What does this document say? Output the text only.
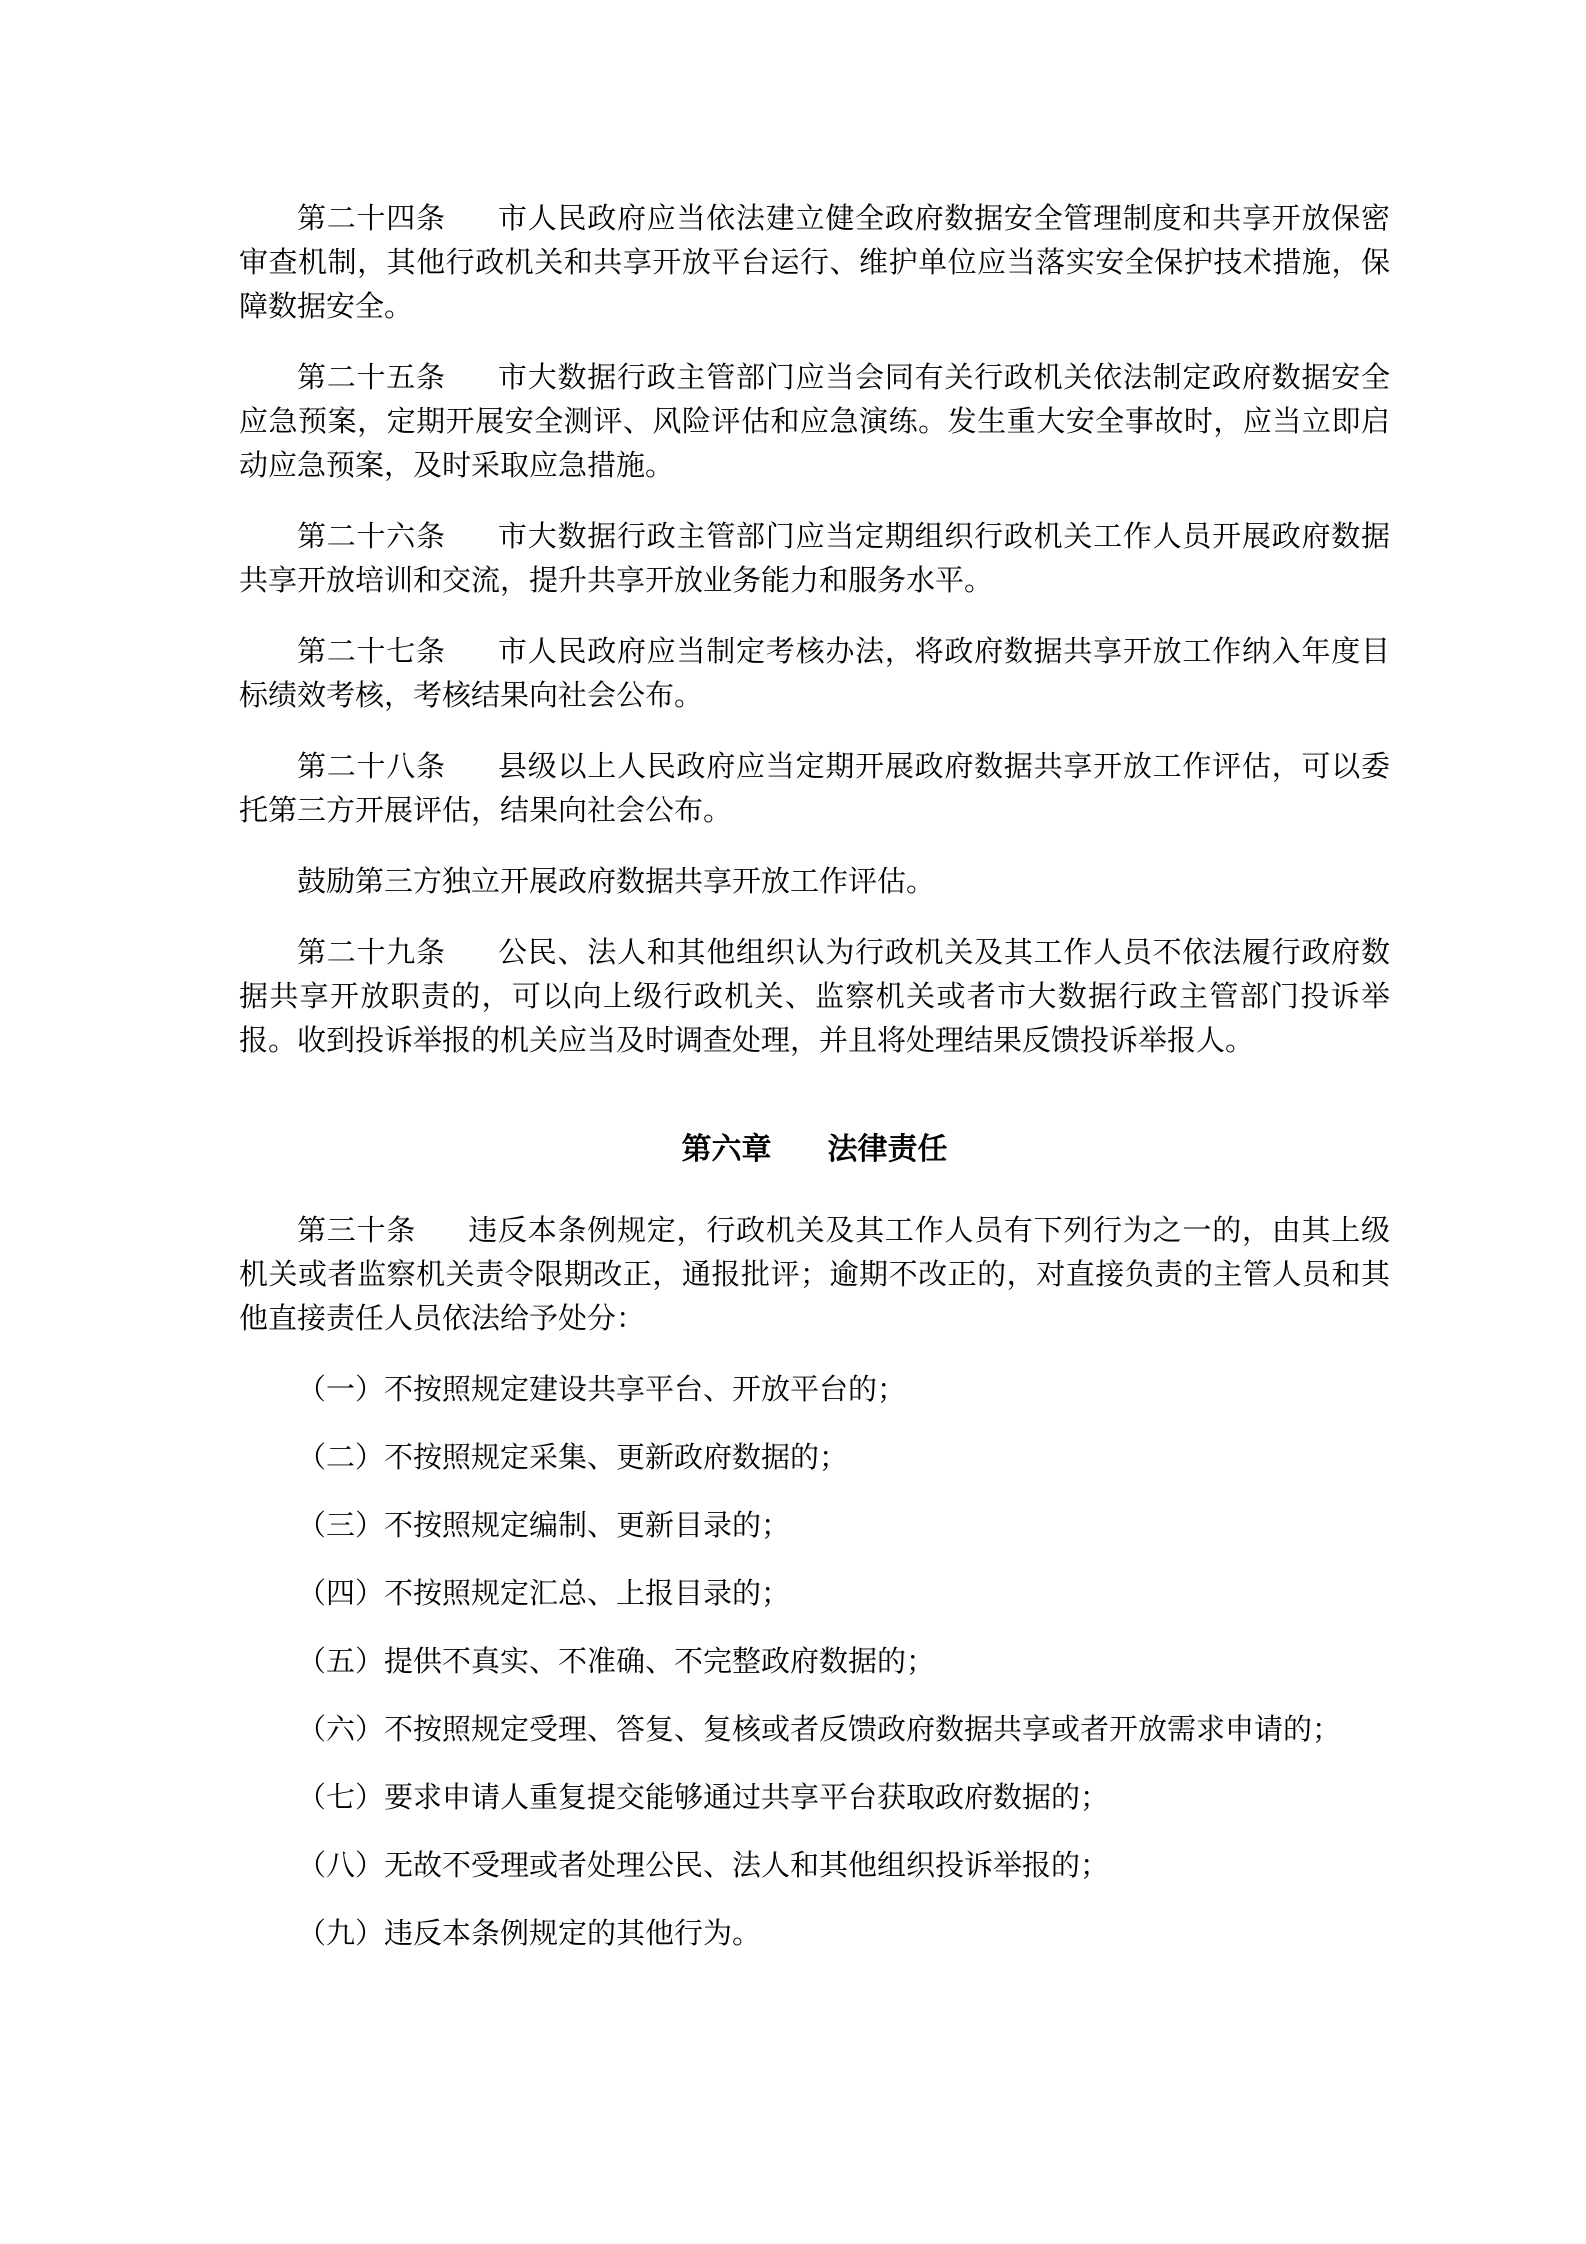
第二十四条 市人民政府应当依法建立健全政府数据安全管理制度和共享开放保密审查机制，其他行政机关和共享开放平台运行、维护单位应当落实安全保护技术措施，保障数据安全。

第二十五条 市大数据行政主管部门应当会同有关行政机关依法制定政府数据安全应急预案，定期开展安全测评、风险评估和应急演练。发生重大安全事故时，应当立即启动应急预案，及时采取应急措施。

第二十六条 市大数据行政主管部门应当定期组织行政机关工作人员开展政府数据共享开放培训和交流，提升共享开放业务能力和服务水平。

第二十七条 市人民政府应当制定考核办法，将政府数据共享开放工作纳入年度目标绩效考核，考核结果向社会公布。

第二十八条 县级以上人民政府应当定期开展政府数据共享开放工作评估，可以委托第三方开展评估，结果向社会公布。

鼓励第三方独立开展政府数据共享开放工作评估。

第二十九条 公民、法人和其他组织认为行政机关及其工作人员不依法履行政府数据共享开放职责的，可以向上级行政机关、监察机关或者市大数据行政主管部门投诉举报。收到投诉举报的机关应当及时调查处理，并且将处理结果反馈投诉举报人。

第六章 法律责任

第三十条 违反本条例规定，行政机关及其工作人员有下列行为之一的，由其上级机关或者监察机关责令限期改正，通报批评；逾期不改正的，对直接负责的主管人员和其他直接责任人员依法给予处分：

（一）不按照规定建设共享平台、开放平台的；

（二）不按照规定采集、更新政府数据的；

（三）不按照规定编制、更新目录的；

（四）不按照规定汇总、上报目录的；

（五）提供不真实、不准确、不完整政府数据的；

（六）不按照规定受理、答复、复核或者反馈政府数据共享或者开放需求申请的；

（七）要求申请人重复提交能够通过共享平台获取政府数据的；

（八）无故不受理或者处理公民、法人和其他组织投诉举报的；

（九）违反本条例规定的其他行为。
